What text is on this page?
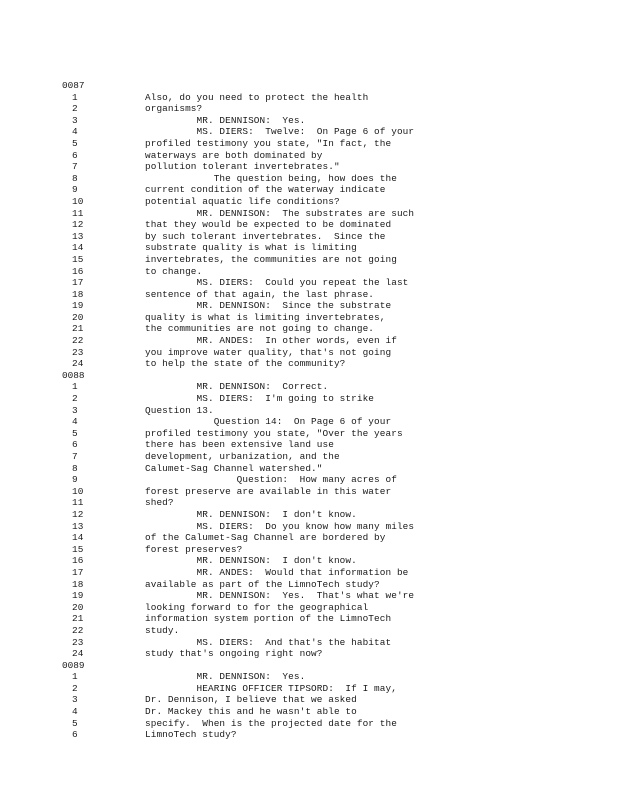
0087
1	Also, do you need to protect the health
2	organisms?
3	MR. DENNISON:  Yes.
4	MS. DIERS:  Twelve:  On Page 6 of your
5	profiled testimony you state, "In fact, the
6	waterways are both dominated by
7	pollution tolerant invertebrates."
8	The question being, how does the
9	current condition of the waterway indicate
10	potential aquatic life conditions?
11	MR. DENNISON:  The substrates are such
12	that they would be expected to be dominated
13	by such tolerant invertebrates.  Since the
14	substrate quality is what is limiting
15	invertebrates, the communities are not going
16	to change.
17	MS. DIERS:  Could you repeat the last
18	sentence of that again, the last phrase.
19	MR. DENNISON:  Since the substrate
20	quality is what is limiting invertebrates,
21	the communities are not going to change.
22	MR. ANDES:  In other words, even if
23	you improve water quality, that's not going
24	to help the state of the community?
0088
1	MR. DENNISON:  Correct.
2	MS. DIERS:  I'm going to strike
3	Question 13.
4	Question 14:  On Page 6 of your
5	profiled testimony you state, "Over the years
6	there has been extensive land use
7	development, urbanization, and the
8	Calumet-Sag Channel watershed."
9	Question:  How many acres of
10	forest preserve are available in this water
11	shed?
12	MR. DENNISON:  I don't know.
13	MS. DIERS:  Do you know how many miles
14	of the Calumet-Sag Channel are bordered by
15	forest preserves?
16	MR. DENNISON:  I don't know.
17	MR. ANDES:  Would that information be
18	available as part of the LimnoTech study?
19	MR. DENNISON:  Yes.  That's what we're
20	looking forward to for the geographical
21	information system portion of the LimnoTech
22	study.
23	MS. DIERS:  And that's the habitat
24	study that's ongoing right now?
0089
1	MR. DENNISON:  Yes.
2	HEARING OFFICER TIPSORD:  If I may,
3	Dr. Dennison, I believe that we asked
4	Dr. Mackey this and he wasn't able to
5	specify.  When is the projected date for the
6	LimnoTech study?
